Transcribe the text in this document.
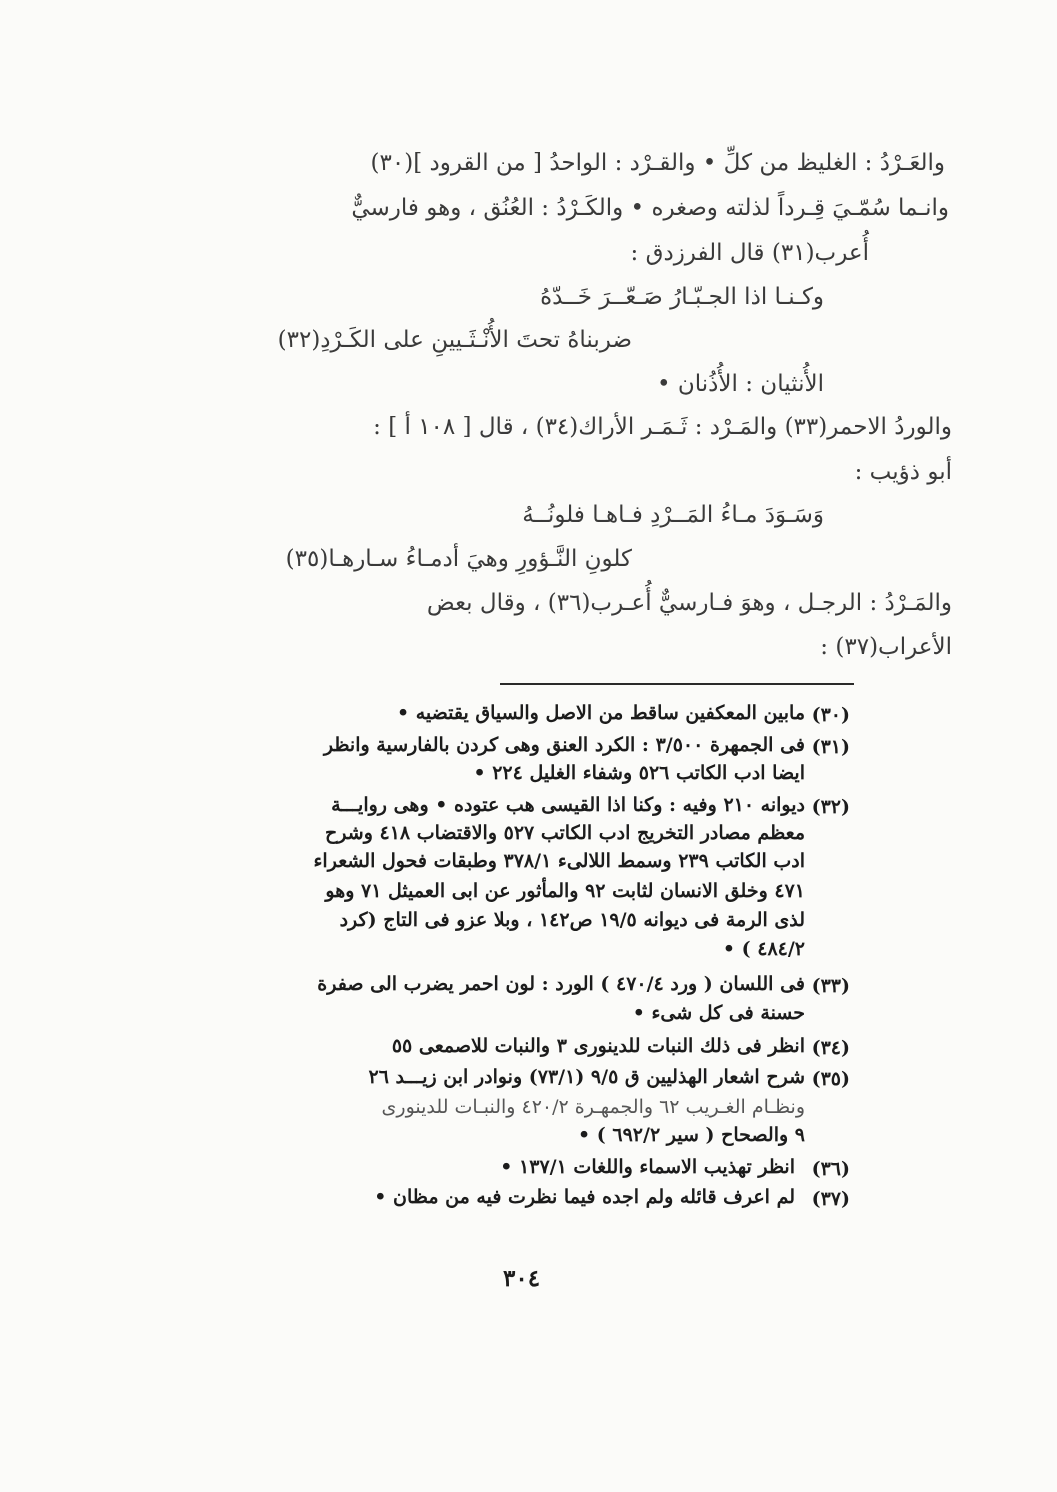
والعَـرْدُ : الغليظ من كلِّ • والقـرْد : الواحدُ [ من القرود ](٣٠)
وانـما سُمّـيَ قِـرداً لذلته وصغره • والكَـرْدُ : العُنُق ، وهو فارسيٌّ
أُعرب(٣١) قال الفرزدق :
وكـنـا اذا الجـبّـارُ صَـعّــرَ خَــدّهُ
ضربناهُ تحتَ الأُنْـثَـيينِ على الكَـرْدِ(٣٢)
الأُنثيان : الأُذُنان •
والوردُ الاحمر(٣٣) والمَـرْد : ثَـمَـر الأراك(٣٤) ، قال [ ١٠٨ أ ] :
أبو ذؤيب :
وَسَـوَدَ مـاءُ المَــرْدِ فـاهـا فلونُــهُ
كلونِ النَّـؤورِ وهيَ أدمـاءُ سـارهـا(٣٥)
والمَـرْدُ : الرجـل ، وهوَ فـارسيٌّ أُعـرب(٣٦) ، وقال بعض
الأعراب(٣٧) :
(٣٠)
مابين المعكفين ساقط من الاصل والسياق يقتضيه •
(٣١)
فى الجمهرة ٣/٥٠٠ : الكرد العنق وهى كردن بالفارسية وانظر
ايضا ادب الكاتب ٥٢٦ وشفاء الغليل ٢٢٤ •
(٣٢)
ديوانه ٢١٠ وفيه : وكنا اذا القيسى هب عتوده • وهى روايـــة
معظم مصادر التخريج ادب الكاتب ٥٢٧ والاقتضاب ٤١٨ وشرح
ادب الكاتب ٢٣٩ وسمط اللالىء ٣٧٨/١ وطبقات فحول الشعراء
٤٧١ وخلق الانسان لثابت ٩٢ والمأثور عن ابى العميثل ٧١ وهو
لذى الرمة فى ديوانه ١٩/٥ ص١٤٢ ، وبلا عزو فى التاج (كرد
٤٨٤/٢ ) •
(٣٣)
فى اللسان ( ورد ٤٧٠/٤ ) الورد : لون احمر يضرب الى صفرة
حسنة فى كل شىء •
(٣٤)
انظر فى ذلك النبات للدينورى ٣ والنبات للاصمعى ٥٥
(٣٥)
شرح اشعار الهذليين ق ٩/٥ (٧٣/١) ونوادر ابن زيـــد ٢٦
ونظـام الغـريب ٦٢ والجمهـرة ٤٢٠/٢ والنبـات للدينورى
٩ والصحاح ( سير ٦٩٢/٢ ) •
(٣٦)
انظر تهذيب الاسماء واللغات ١٣٧/١ •
(٣٧)
لم اعرف قائله ولم اجده فيما نظرت فيه من مظان •
٣٠٤
